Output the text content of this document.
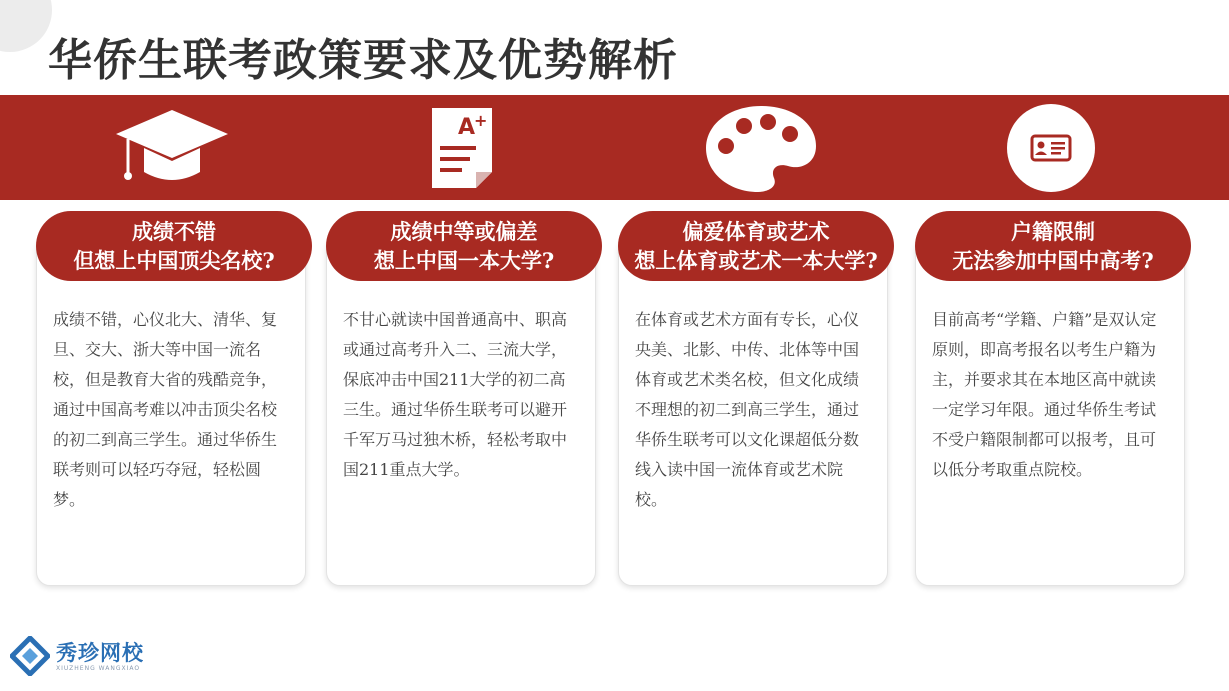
华侨生联考政策要求及优势解析
A
+
成绩不错，心仪北大、清华、复旦、交大、浙大等中国一流名校，但是教育大省的残酷竞争，通过中国高考难以冲击顶尖名校的初二到高三学生。通过华侨生联考则可以轻巧夺冠，轻松圆梦。
成绩不错
但想上中国顶尖名校?
不甘心就读中国普通高中、职高或通过高考升入二、三流大学，保底冲击中国211大学的初二高三生。通过华侨生联考可以避开千军万马过独木桥，轻松考取中国211重点大学。
成绩中等或偏差
想上中国一本大学?
在体育或艺术方面有专长，心仪央美、北影、中传、北体等中国体育或艺术类名校，但文化成绩不理想的初二到高三学生，通过华侨生联考可以文化课超低分数线入读中国一流体育或艺术院校。
偏爱体育或艺术
想上体育或艺术一本大学?
目前高考“学籍、户籍”是双认定原则，即高考报名以考生户籍为主，并要求其在本地区高中就读一定学习年限。通过华侨生考试不受户籍限制都可以报考，且可以低分考取重点院校。
户籍限制
无法参加中国中高考?
秀珍网校
XIUZHENG WANGXIAO
